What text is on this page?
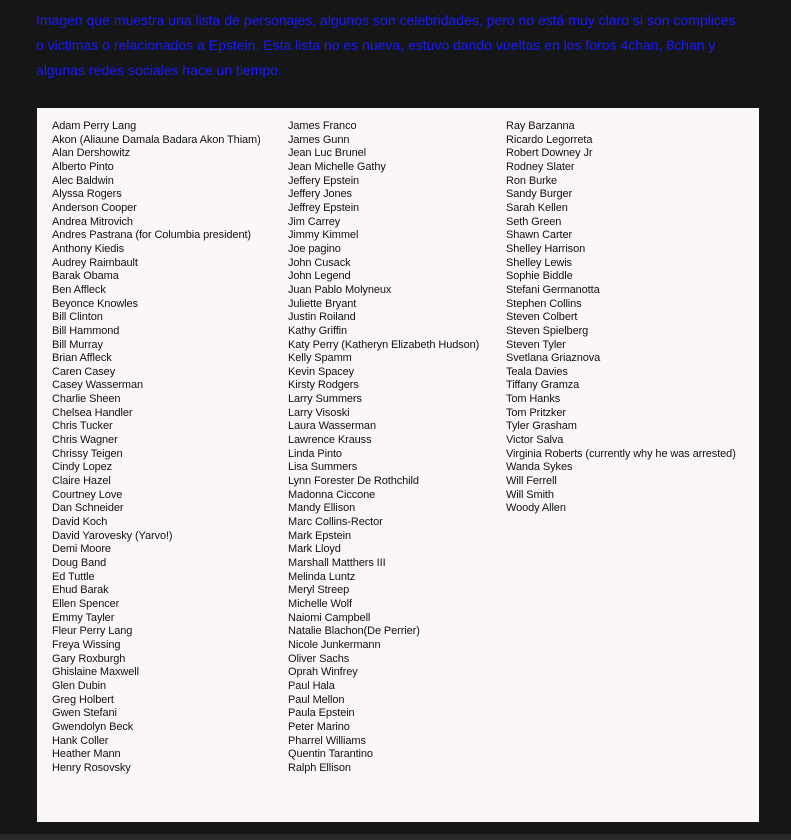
Imagen que muestra una lista de personajes, algunos son celebridades, pero no está muy claro si son complices o victimas o relacionados a Epstein. Esta lista no es nueva, estuvo dando vueltas en los foros 4chan, 8chan y algunas redes sociales hace un tiempo.

Adam Perry Lang
Akon (Aliaune Damala Badara Akon Thiam)
Alan Dershowitz
Alberto Pinto
Alec Baldwin
Alyssa Rogers
Anderson Cooper
Andrea Mitrovich
Andres Pastrana (for Columbia president)
Anthony Kiedis
Audrey Raimbault
Barak Obama
Ben Affleck
Beyonce Knowles
Bill Clinton
Bill Hammond
Bill Murray
Brian Affleck
Caren Casey
Casey Wasserman
Charlie Sheen
Chelsea Handler
Chris Tucker
Chris Wagner
Chrissy Teigen
Cindy Lopez
Claire Hazel
Courtney Love
Dan Schneider
David Koch
David Yarovesky (Yarvo!)
Demi Moore
Doug Band
Ed Tuttle
Ehud Barak
Ellen Spencer
Emmy Tayler
Fleur Perry Lang
Freya Wissing
Gary Roxburgh
Ghislaine Maxwell
Glen Dubin
Greg Holbert
Gwen Stefani
Gwendolyn Beck
Hank Coller
Heather Mann
Henry Rosovsky
James Franco
James Gunn
Jean Luc Brunel
Jean Michelle Gathy
Jeffery Epstein
Jeffery Jones
Jeffrey Epstein
Jim Carrey
Jimmy Kimmel
Joe pagino
John Cusack
John Legend
Juan Pablo Molyneux
Juliette Bryant
Justin Roiland
Kathy Griffin
Katy Perry (Katheryn Elizabeth Hudson)
Kelly Spamm
Kevin Spacey
Kirsty Rodgers
Larry Summers
Larry Visoski
Laura Wasserman
Lawrence Krauss
Linda Pinto
Lisa Summers
Lynn Forester De Rothchild
Madonna Ciccone
Mandy Ellison
Marc Collins-Rector
Mark Epstein
Mark Lloyd
Marshall Matthers III
Melinda Luntz
Meryl Streep
Michelle Wolf
Naiomi Campbell
Natalie Blachon(De Perrier)
Nicole Junkermann
Oliver Sachs
Oprah Winfrey
Paul Hala
Paul Mellon
Paula Epstein
Peter Marino
Pharrel Williams
Quentin Tarantino
Ralph Ellison
Ray Barzanna
Ricardo Legorreta
Robert Downey Jr
Rodney Slater
Ron Burke
Sandy Burger
Sarah Kellen
Seth Green
Shawn Carter
Shelley Harrison
Shelley Lewis
Sophie Biddle
Stefani Germanotta
Stephen Collins
Steven Colbert
Steven Spielberg
Steven Tyler
Svetlana Griaznova
Teala Davies
Tiffany Gramza
Tom Hanks
Tom Pritzker
Tyler Grasham
Victor Salva
Virginia Roberts (currently why he was arrested)
Wanda Sykes
Will Ferrell
Will Smith
Woody Allen
